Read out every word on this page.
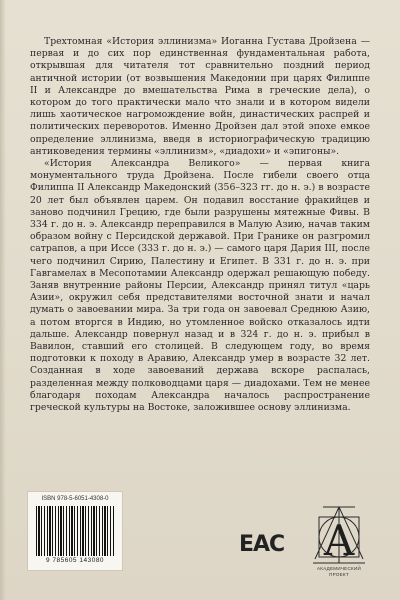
Трехтомная «История эллинизма» Иоганна Густава Дройзена — первая и до сих пор единственная фундаментальная работа, открывшая для читателя тот сравнительно поздний период античной истории (от возвышения Македонии при царях Филиппе II и Александре до вмешательства Рима в греческие дела), о котором до того практически мало что знали и в котором видели лишь хаотическое нагромождение войн, династических распрей и политических переворотов. Именно Дройзен дал этой эпохе емкое определение эллинизма, введя в историографическую традицию антиковедения термины «эллинизм», «диадохи» и «эпигоны».

«История Александра Великого» — первая книга монументального труда Дройзена. После гибели своего отца Филиппа II Александр Македонский (356–323 гг. до н. э.) в возрасте 20 лет был объявлен царем. Он подавил восстание фракийцев и заново подчинил Грецию, где были разрушены мятежные Фивы. В 334 г. до н. э. Александр переправился в Малую Азию, начав таким образом войну с Персидской державой. При Гранике он разгромил сатрапов, а при Иссе (333 г. до н. э.) — самого царя Дария III, после чего подчинил Сирию, Палестину и Египет. В 331 г. до н. э. при Гавгамелах в Месопотамии Александр одержал решающую победу. Заняв внутренние районы Персии, Александр принял титул «царь Азии», окружил себя представителями восточной знати и начал думать о завоевании мира. За три года он завоевал Среднюю Азию, а потом вторгся в Индию, но утомленное войско отказалось идти дальше. Александр повернул назад и в 324 г. до н. э. прибыл в Вавилон, ставший его столицей. В следующем году, во время подготовки к походу в Аравию, Александр умер в возрасте 32 лет. Созданная в ходе завоеваний держава вскоре распалась, разделенная между полководцами царя — диадохами. Тем не менее благодаря походам Александра началось распространение греческой культуры на Востоке, заложившее основу эллинизма.

ISBN 978-5-6051-4308-0
9 785605 143080
EAC А
АКАДЕМИЧЕСКИЙ
ПРОЕКТ
